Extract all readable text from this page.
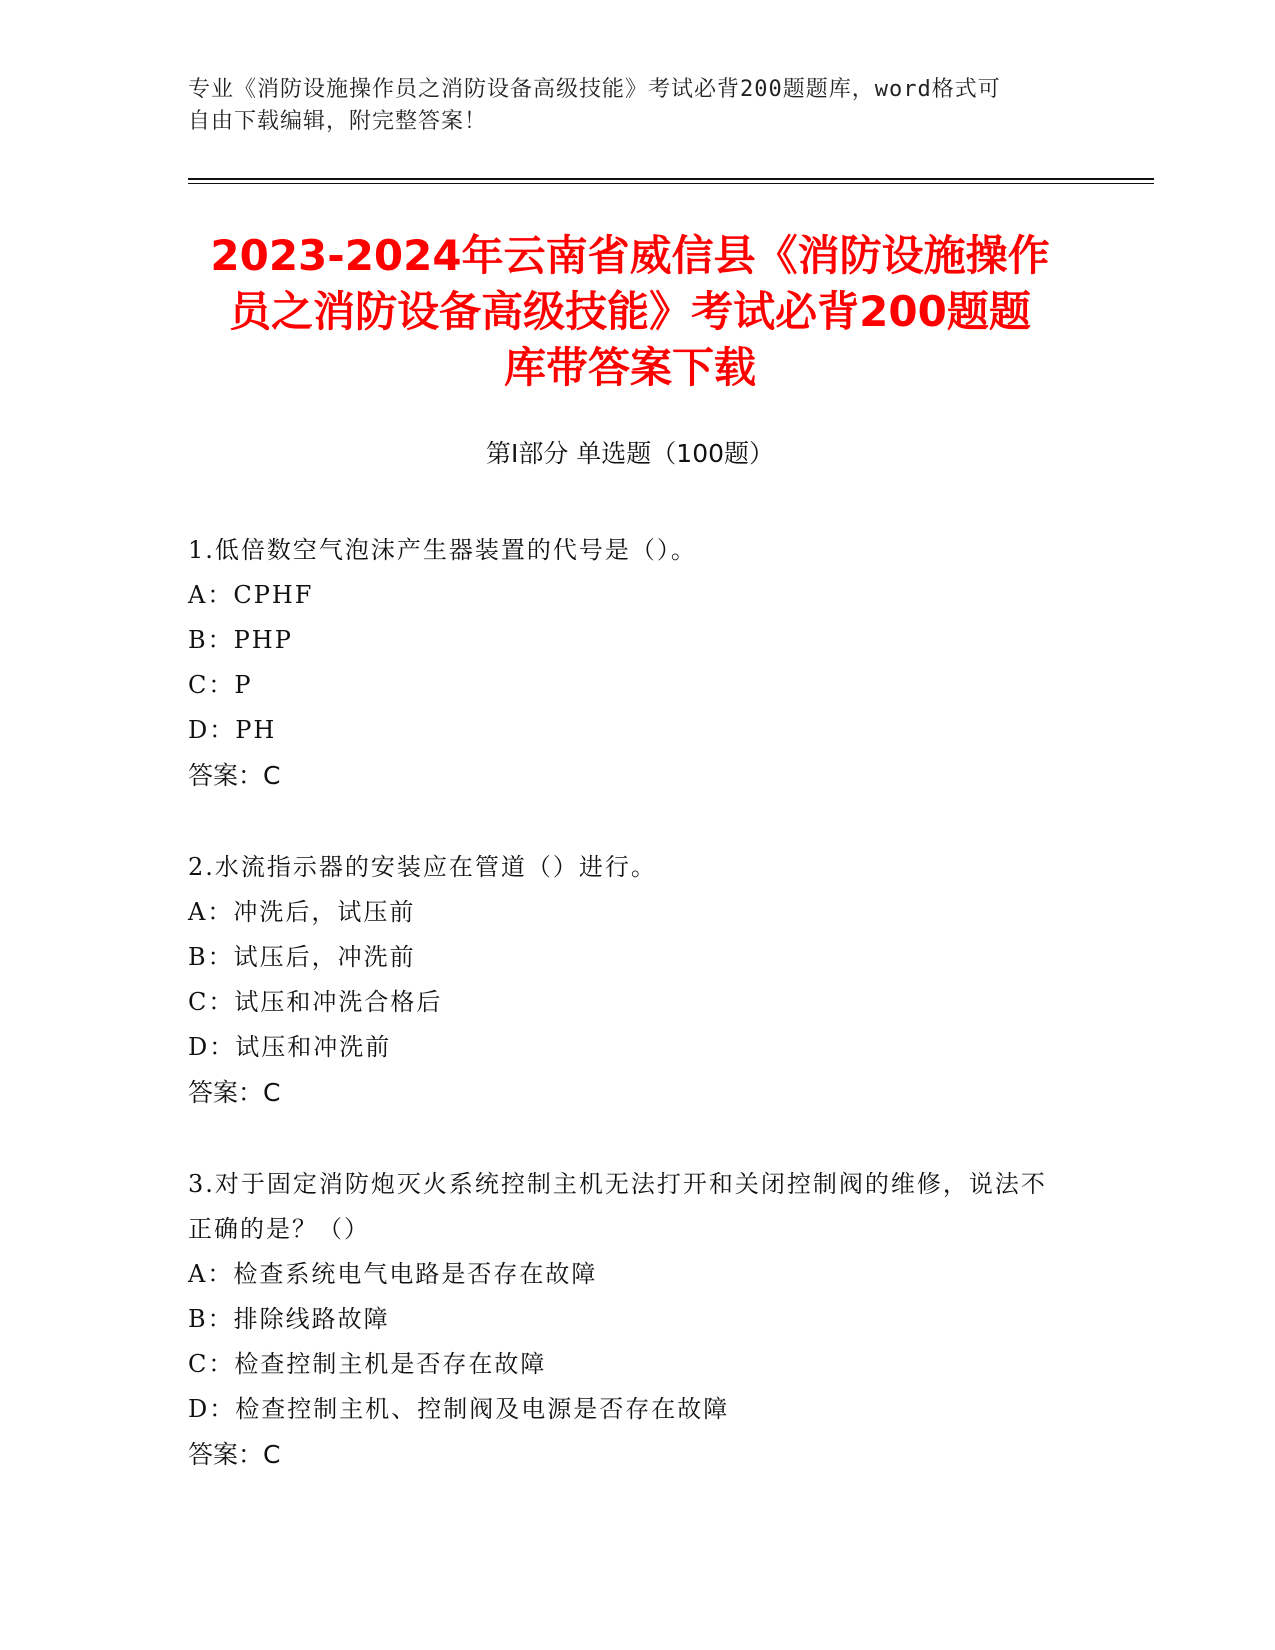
专业《消防设施操作员之消防设备高级技能》考试必背200题题库，word格式可
自由下载编辑，附完整答案！
2023-2024年云南省威信县《消防设施操作
员之消防设备高级技能》考试必背200题题
库带答案下载
第Ⅰ部分 单选题（100题）
1.低倍数空气泡沫产生器装置的代号是（）。
A：CPHF
B：PHP
C：P
D：PH
答案：C
2.水流指示器的安装应在管道（）进行。
A：冲洗后，试压前
B：试压后，冲洗前
C：试压和冲洗合格后
D：试压和冲洗前
答案：C
3.对于固定消防炮灭火系统控制主机无法打开和关闭控制阀的维修，说法不正确的是？（）
A：检查系统电气电路是否存在故障
B：排除线路故障
C：检查控制主机是否存在故障
D：检查控制主机、控制阀及电源是否存在故障
答案：C
